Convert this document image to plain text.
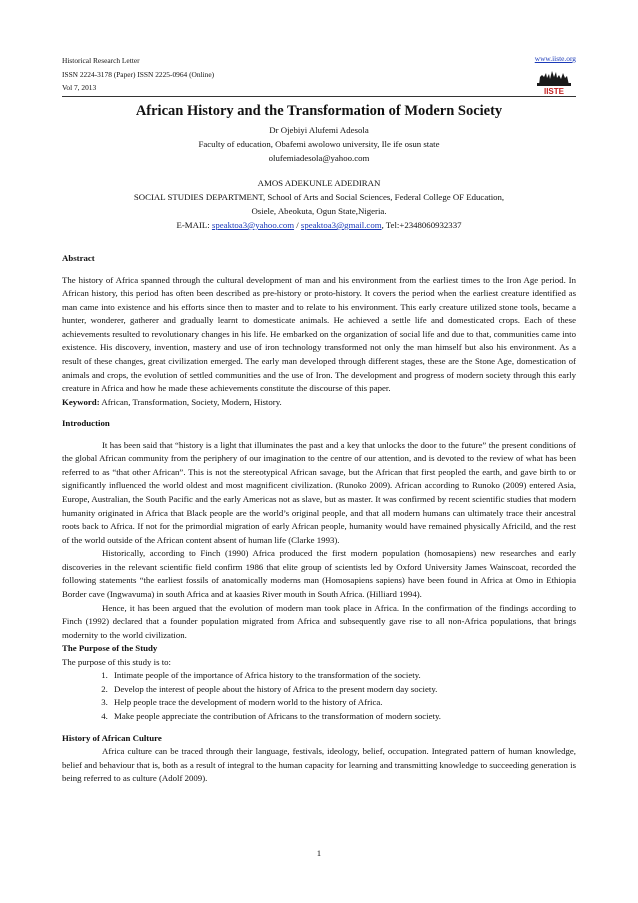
Historical Research Letter
ISSN 2224-3178 (Paper) ISSN 2225-0964 (Online)
Vol 7, 2013
www.iiste.org
IISTE
African History and the Transformation of Modern Society
Dr Ojebiyi Alufemi Adesola
Faculty of education, Obafemi awolowo university, Ile ife osun state
olufemiadesola@yahoo.com
AMOS ADEKUNLE ADEDIRAN
SOCIAL STUDIES DEPARTMENT, School of Arts and Social Sciences, Federal College OF Education,
Osiele, Abeokuta, Ogun State,Nigeria.
E-MAIL: speaktoa3@yahoo.com / speaktoa3@gmail.com, Tel:+2348060932337

Abstract

The history of Africa spanned through the cultural development of man and his environment from the earliest times to the Iron Age period. In African history, this period has often been described as pre-history or proto-history. It covers the period when the earliest creature identified as man came into existence and his efforts since then to master and to relate to his environment. This early creature utilized stone tools, became a hunter, wonderer, gatherer and gradually learnt to domesticate animals. He achieved a settle life and domesticated crops. Each of these achievements resulted to revolutionary changes in his life. He embarked on the organization of social life and due to that, communities came into existence. His discovery, invention, mastery and use of iron technology transformed not only the man himself but also his environment. As a result of these changes, great civilization emerged. The early man developed through different stages, these are the Stone Age, domestication of animals and crops, the evolution of settled communities and the use of Iron. The development and progress of modern society through this early creature in Africa and how he made these achievements constitute the discourse of this paper.

Keyword: African, Transformation, Society, Modern, History.

Introduction

It has been said that “history is a light that illuminates the past and a key that unlocks the door to the future” the present conditions of the global African community from the periphery of our imagination to the centre of our attention, and is devoted to the review of what has been referred to as “that other African”. This is not the stereotypical African savage, but the African that first peopled the earth, and gave birth to or significantly influenced the world oldest and most magnificent civilization. (Runoko 2009). African according to Runoko (2009) entered Asia, Europe, Australian, the South Pacific and the early Americas not as slave, but as master. It was confirmed by recent scientific studies that modern humanity originated in Africa that Black people are the world’s original people, and that all modern humans can ultimately trace their ancestral roots back to Africa. If not for the primordial migration of early African people, humanity would have remained physically Africild, and the rest of the world outside of the African content absent of human life (Clarke 1993).

Historically, according to Finch (1990) Africa produced the first modern population (homosapiens) new researches and early discoveries in the relevant scientific field confirm 1986 that elite group of scientists led by Oxford University James Wainscoat, recorded the following statements “the earliest fossils of anatomically moderns man (Homosapiens sapiens) have been found in Africa at Omo in Ethiopia Border cave (Ingwavuma) in south Africa and at kaasies River mouth in South Africa. (Hilliard 1994).

Hence, it has been argued that the evolution of modern man took place in Africa. In the confirmation of the findings according to Finch (1992) declared that a founder population migrated from Africa and subsequently gave rise to all non-Africa populations, that brings modernity to the world civilization.

The Purpose of the Study

The purpose of this study is to:

1. Intimate people of the importance of Africa history to the transformation of the society.
2. Develop the interest of people about the history of Africa to the present modern day society.
3. Help people trace the development of modern world to the history of Africa.
4. Make people appreciate the contribution of Africans to the transformation of modern society.

History of African Culture

Africa culture can be traced through their language, festivals, ideology, belief, occupation. Integrated pattern of human knowledge, belief and behaviour that is, both as a result of integral to the human capacity for learning and transmitting knowledge to succeeding generation is being referred to as culture (Adolf 2009).

1
